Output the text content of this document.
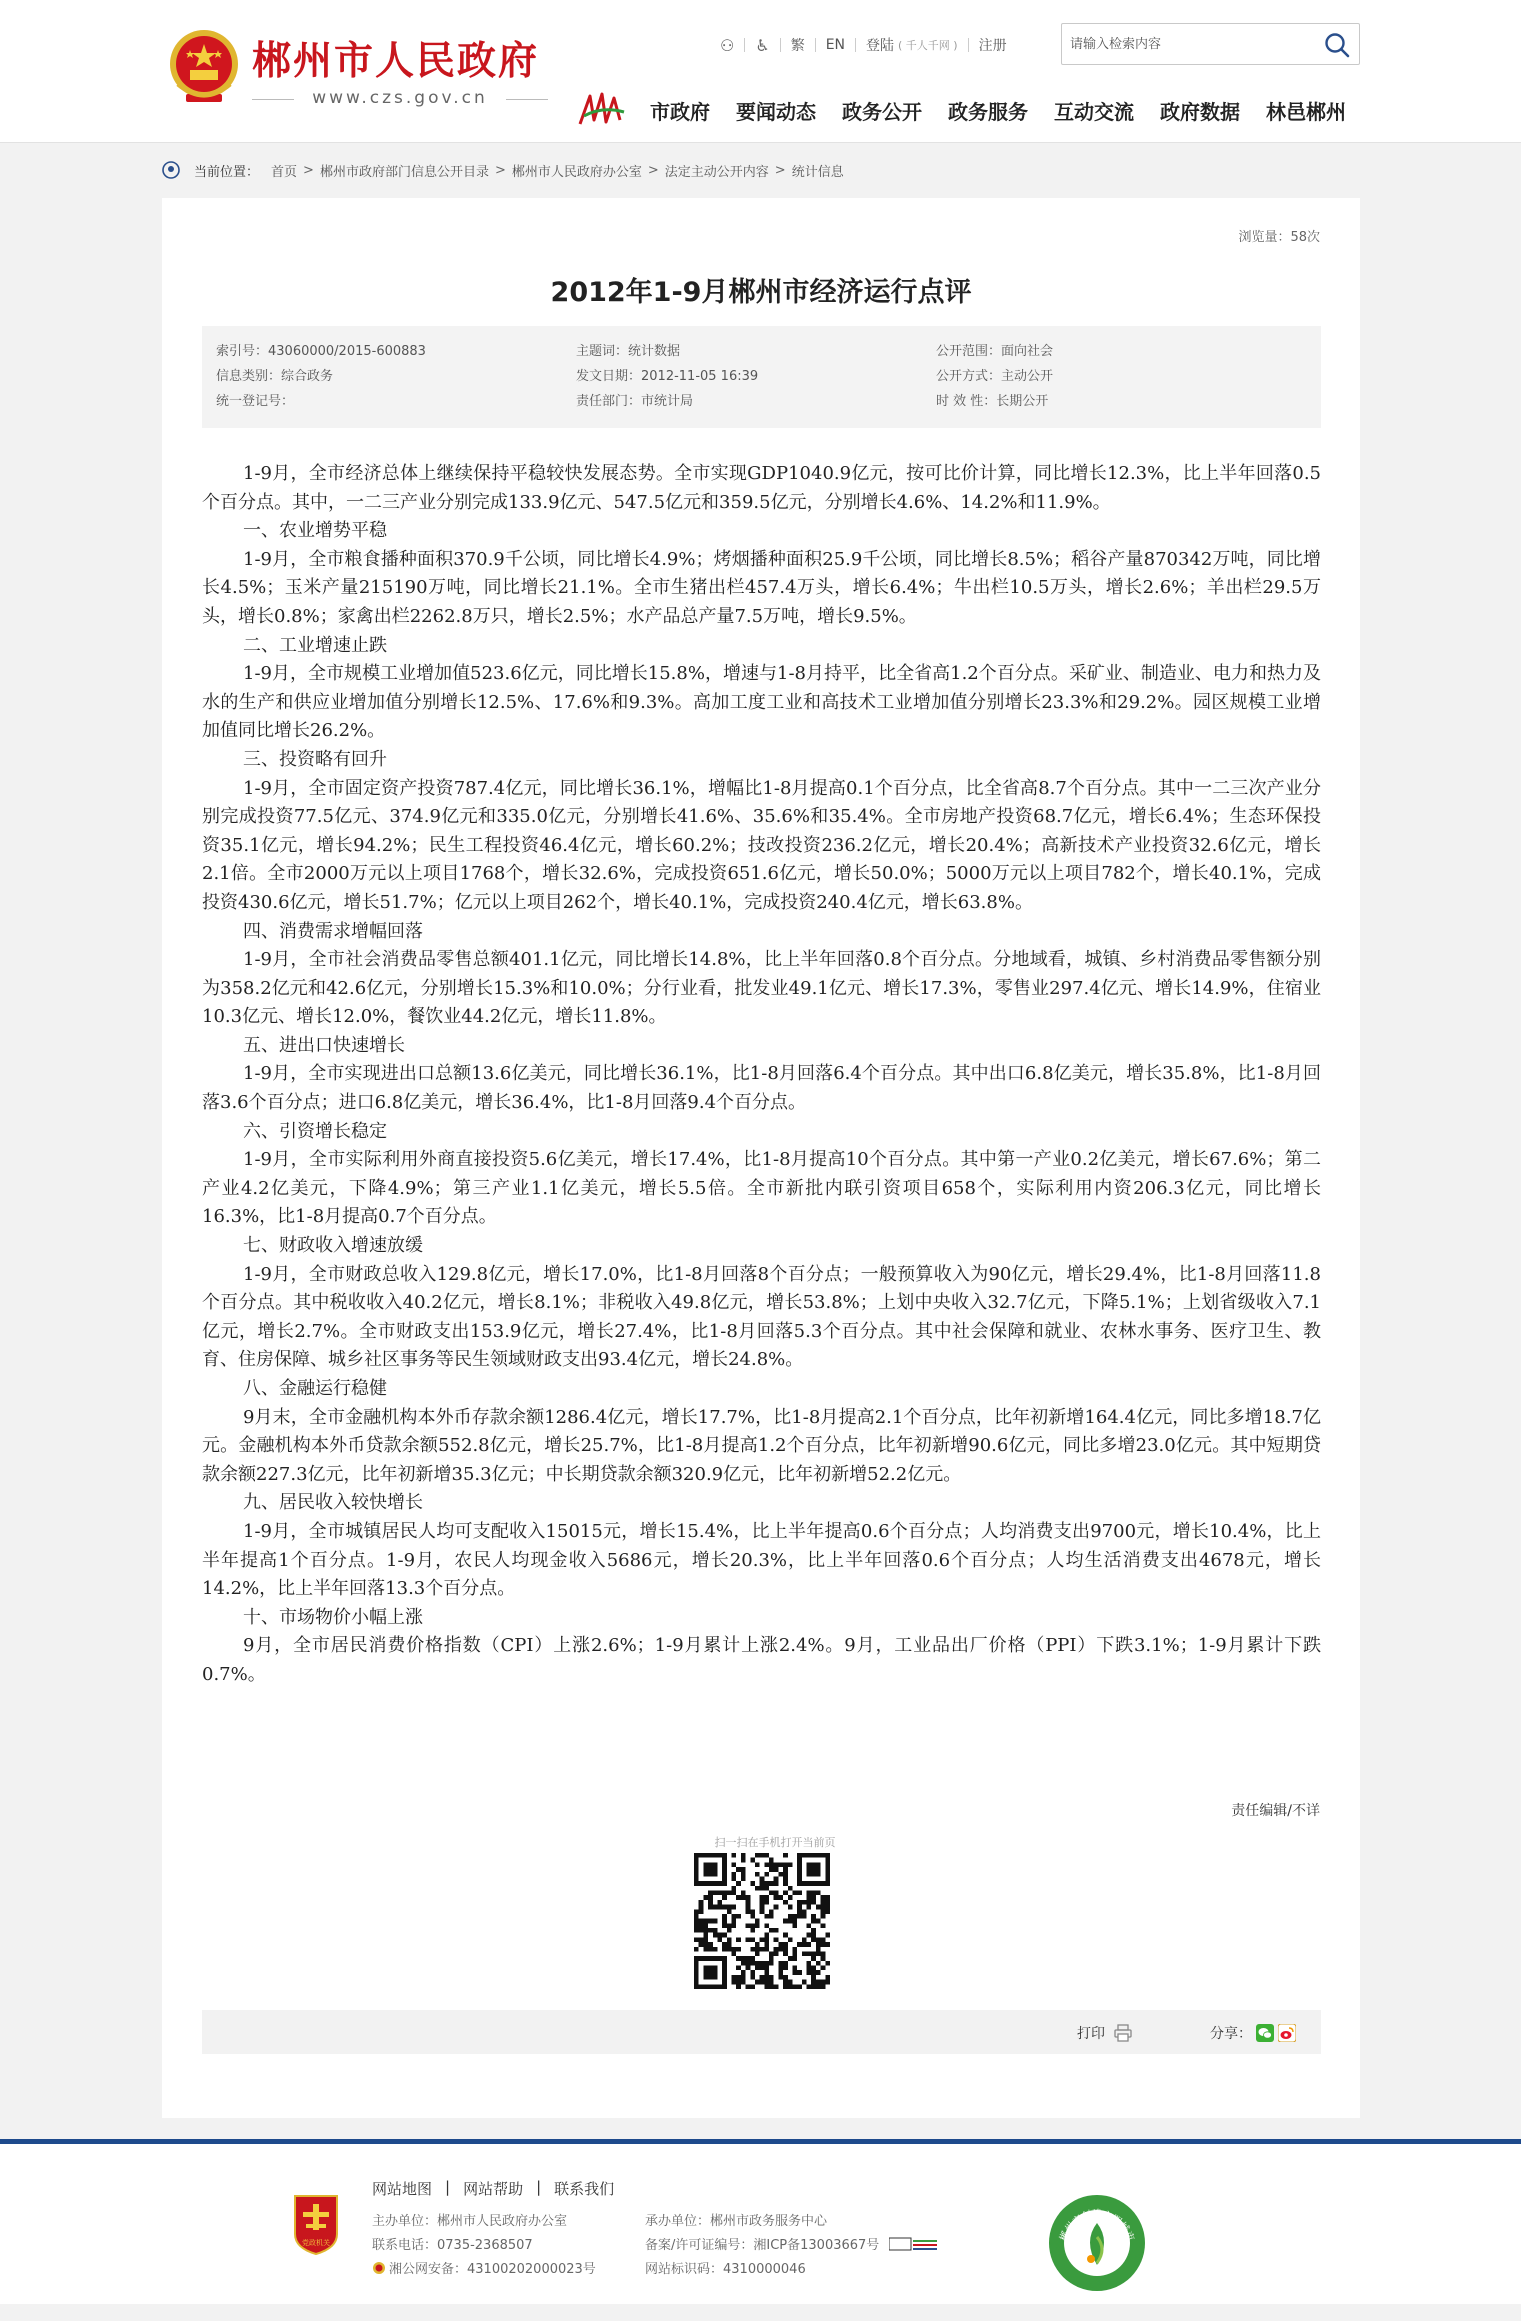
郴州市人民政府
www.czs.gov.cn
⚇ ♿ 繁 EN 登陆 ( 千人千网 ) 注册
请输入检索内容
市政府 要闻动态 政务公开 政务服务 互动交流 政府数据 林邑郴州
当前位置： 首页 > 郴州市政府部门信息公开目录 > 郴州市人民政府办公室 > 法定主动公开内容 > 统计信息
浏览量：58次
2012年1-9月郴州市经济运行点评
索引号：43060000/2015-600883	主题词：统计数据	公开范围：面向社会
信息类别：综合政务	发文日期：2012-11-05 16:39	公开方式：主动公开
统一登记号：	责任部门：市统计局	时 效 性：长期公开

1-9月，全市经济总体上继续保持平稳较快发展态势。全市实现GDP1040.9亿元，按可比价计算，同比增长12.3%，比上半年回落0.5个百分点。其中，一二三产业分别完成133.9亿元、547.5亿元和359.5亿元，分别增长4.6%、14.2%和11.9%。

一、农业增势平稳

1-9月，全市粮食播种面积370.9千公顷，同比增长4.9%；烤烟播种面积25.9千公顷，同比增长8.5%；稻谷产量870342万吨，同比增长4.5%；玉米产量215190万吨，同比增长21.1%。全市生猪出栏457.4万头，增长6.4%；牛出栏10.5万头，增长2.6%；羊出栏29.5万头，增长0.8%；家禽出栏2262.8万只，增长2.5%；水产品总产量7.5万吨，增长9.5%。

二、工业增速止跌

1-9月，全市规模工业增加值523.6亿元，同比增长15.8%，增速与1-8月持平，比全省高1.2个百分点。采矿业、制造业、电力和热力及水的生产和供应业增加值分别增长12.5%、17.6%和9.3%。高加工度工业和高技术工业增加值分别增长23.3%和29.2%。园区规模工业增加值同比增长26.2%。

三、投资略有回升

1-9月，全市固定资产投资787.4亿元，同比增长36.1%，增幅比1-8月提高0.1个百分点，比全省高8.7个百分点。其中一二三次产业分别完成投资77.5亿元、374.9亿元和335.0亿元，分别增长41.6%、35.6%和35.4%。全市房地产投资68.7亿元，增长6.4%；生态环保投资35.1亿元，增长94.2%；民生工程投资46.4亿元，增长60.2%；技改投资236.2亿元，增长20.4%；高新技术产业投资32.6亿元，增长2.1倍。全市2000万元以上项目1768个，增长32.6%，完成投资651.6亿元，增长50.0%；5000万元以上项目782个，增长40.1%，完成投资430.6亿元，增长51.7%；亿元以上项目262个，增长40.1%，完成投资240.4亿元，增长63.8%。

四、消费需求增幅回落

1-9月，全市社会消费品零售总额401.1亿元，同比增长14.8%，比上半年回落0.8个百分点。分地域看，城镇、乡村消费品零售额分别为358.2亿元和42.6亿元，分别增长15.3%和10.0%；分行业看，批发业49.1亿元、增长17.3%，零售业297.4亿元、增长14.9%，住宿业10.3亿元、增长12.0%，餐饮业44.2亿元，增长11.8%。

五、进出口快速增长

1-9月，全市实现进出口总额13.6亿美元，同比增长36.1%，比1-8月回落6.4个百分点。其中出口6.8亿美元，增长35.8%，比1-8月回落3.6个百分点；进口6.8亿美元，增长36.4%，比1-8月回落9.4个百分点。

六、引资增长稳定

1-9月，全市实际利用外商直接投资5.6亿美元，增长17.4%，比1-8月提高10个百分点。其中第一产业0.2亿美元，增长67.6%；第二产业4.2亿美元，下降4.9%；第三产业1.1亿美元，增长5.5倍。全市新批内联引资项目658个，实际利用内资206.3亿元，同比增长16.3%，比1-8月提高0.7个百分点。

七、财政收入增速放缓

1-9月，全市财政总收入129.8亿元，增长17.0%，比1-8月回落8个百分点；一般预算收入为90亿元，增长29.4%，比1-8月回落11.8个百分点。其中税收收入40.2亿元，增长8.1%；非税收入49.8亿元，增长53.8%；上划中央收入32.7亿元，下降5.1%；上划省级收入7.1亿元，增长2.7%。全市财政支出153.9亿元，增长27.4%，比1-8月回落5.3个百分点。其中社会保障和就业、农林水事务、医疗卫生、教育、住房保障、城乡社区事务等民生领域财政支出93.4亿元，增长24.8%。

八、金融运行稳健

9月末，全市金融机构本外币存款余额1286.4亿元，增长17.7%，比1-8月提高2.1个百分点，比年初新增164.4亿元，同比多增18.7亿元。金融机构本外币贷款余额552.8亿元，增长25.7%，比1-8月提高1.2个百分点，比年初新增90.6亿元，同比多增23.0亿元。其中短期贷款余额227.3亿元，比年初新增35.3亿元；中长期贷款余额320.9亿元，比年初新增52.2亿元。

九、居民收入较快增长

1-9月，全市城镇居民人均可支配收入15015元，增长15.4%，比上半年提高0.6个百分点；人均消费支出9700元，增长10.4%，比上半年提高1个百分点。1-9月，农民人均现金收入5686元，增长20.3%，比上半年回落0.6个百分点；人均生活消费支出4678元，增长14.2%，比上半年回落13.3个百分点。

十、市场物价小幅上涨

9月，全市居民消费价格指数（CPI）上涨2.6%；1-9月累计上涨2.4%。9月，工业品出厂价格（PPI）下跌3.1%；1-9月累计下跌0.7%。

责任编辑/不详
扫一扫在手机打开当前页
打印	分享：
网站地图 | 网站帮助 | 联系我们
党政机关
主办单位：郴州市人民政府办公室	承办单位：郴州市政务服务中心
联系电话：0735-2368507	备案/许可证编号：湘ICP备13003667号
湘公网安备：43100202000023号	网站标识码：4310000046
郴州市创建文明城市
